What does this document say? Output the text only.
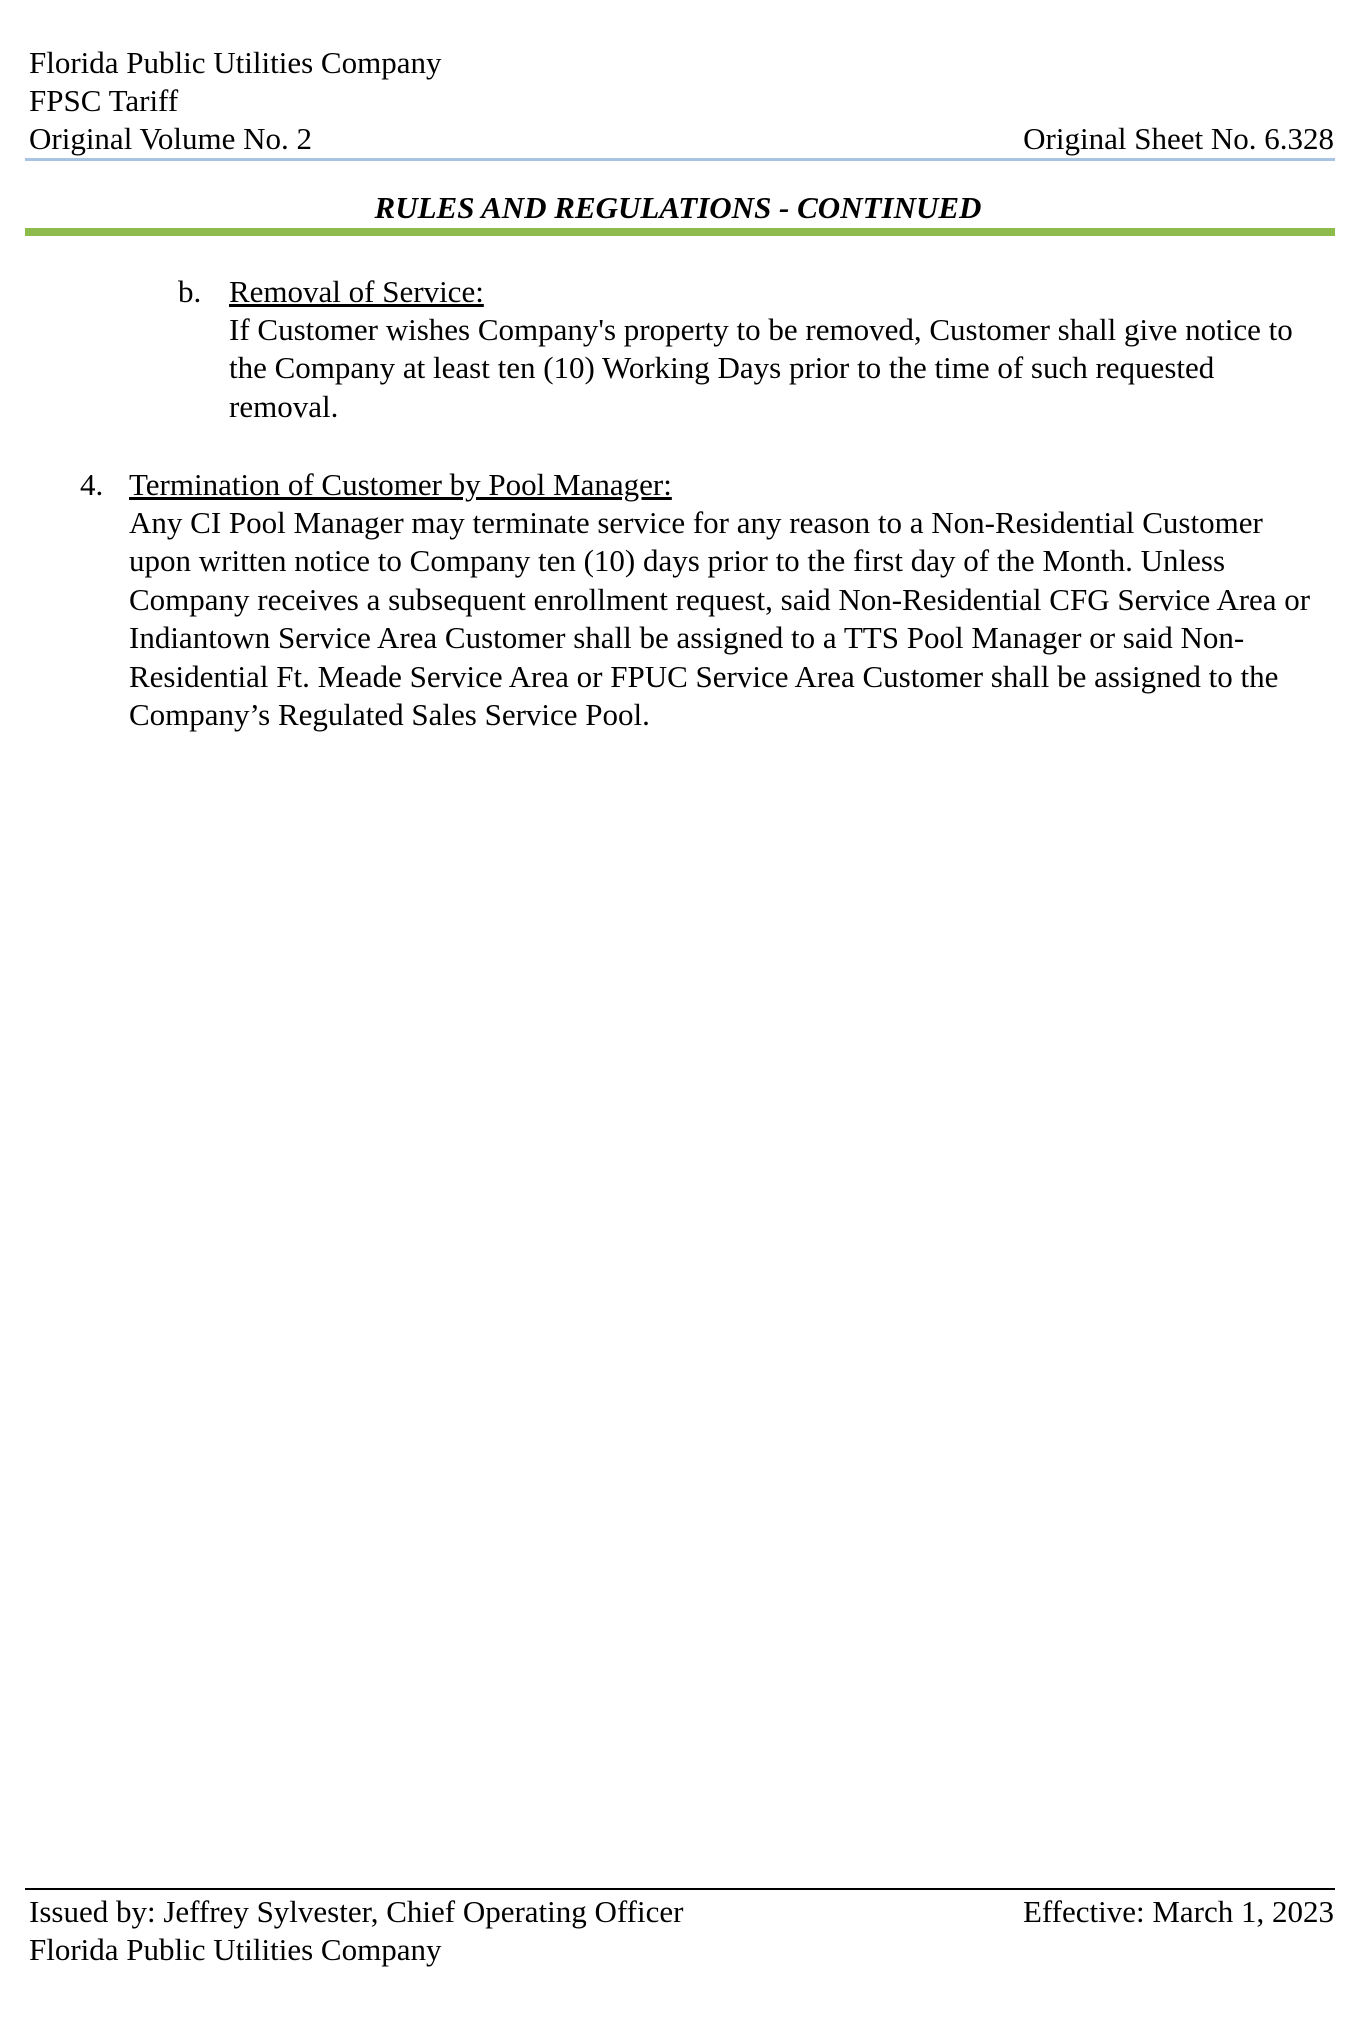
Florida Public Utilities Company
FPSC Tariff
Original Volume No. 2	Original Sheet No. 6.328
RULES AND REGULATIONS - CONTINUED
b. Removal of Service:
If Customer wishes Company's property to be removed, Customer shall give notice to the Company at least ten (10) Working Days prior to the time of such requested removal.
4. Termination of Customer by Pool Manager:
Any CI Pool Manager may terminate service for any reason to a Non-Residential Customer upon written notice to Company ten (10) days prior to the first day of the Month. Unless Company receives a subsequent enrollment request, said Non-Residential CFG Service Area or Indiantown Service Area Customer shall be assigned to a TTS Pool Manager or said Non-Residential Ft. Meade Service Area or FPUC Service Area Customer shall be assigned to the Company’s Regulated Sales Service Pool.
Issued by: Jeffrey Sylvester, Chief Operating Officer	Effective: March 1, 2023
Florida Public Utilities Company
